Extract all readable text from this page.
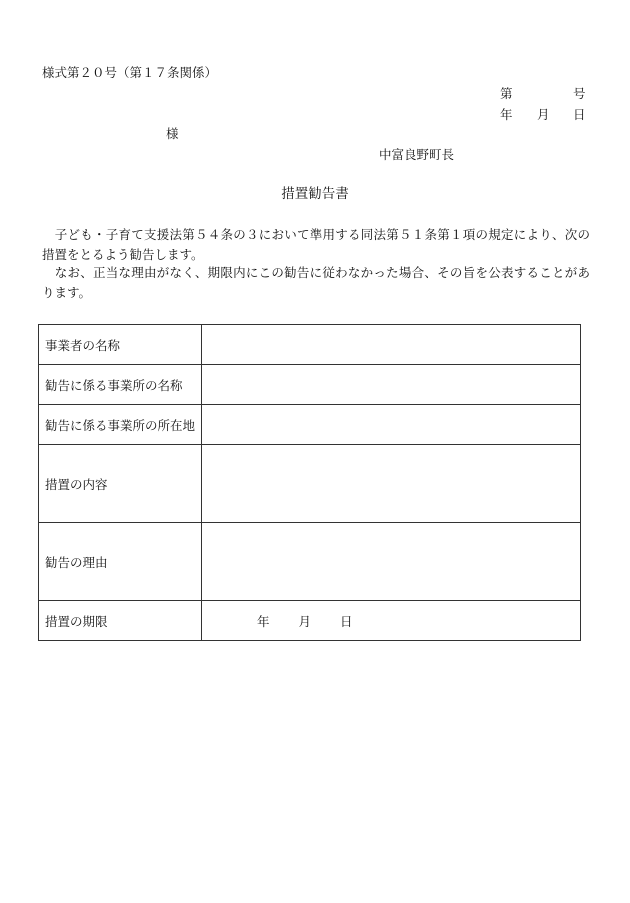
様式第２０号（第１７条関係）
第	号
年 月 日
様
中富良野町長
措置勧告書

　子ども・子育て支援法第５４条の３において準用する同法第５１条第１項の規定により、次の措置をとるよう勧告します。

　なお、正当な理由がなく、期限内にこの勧告に従わなかった場合、その旨を公表することがあります。

事業者の名称	
勧告に係る事業所の名称	
勧告に係る事業所の所在地	
措置の内容	
勧告の理由	
措置の期限	年 月 日
